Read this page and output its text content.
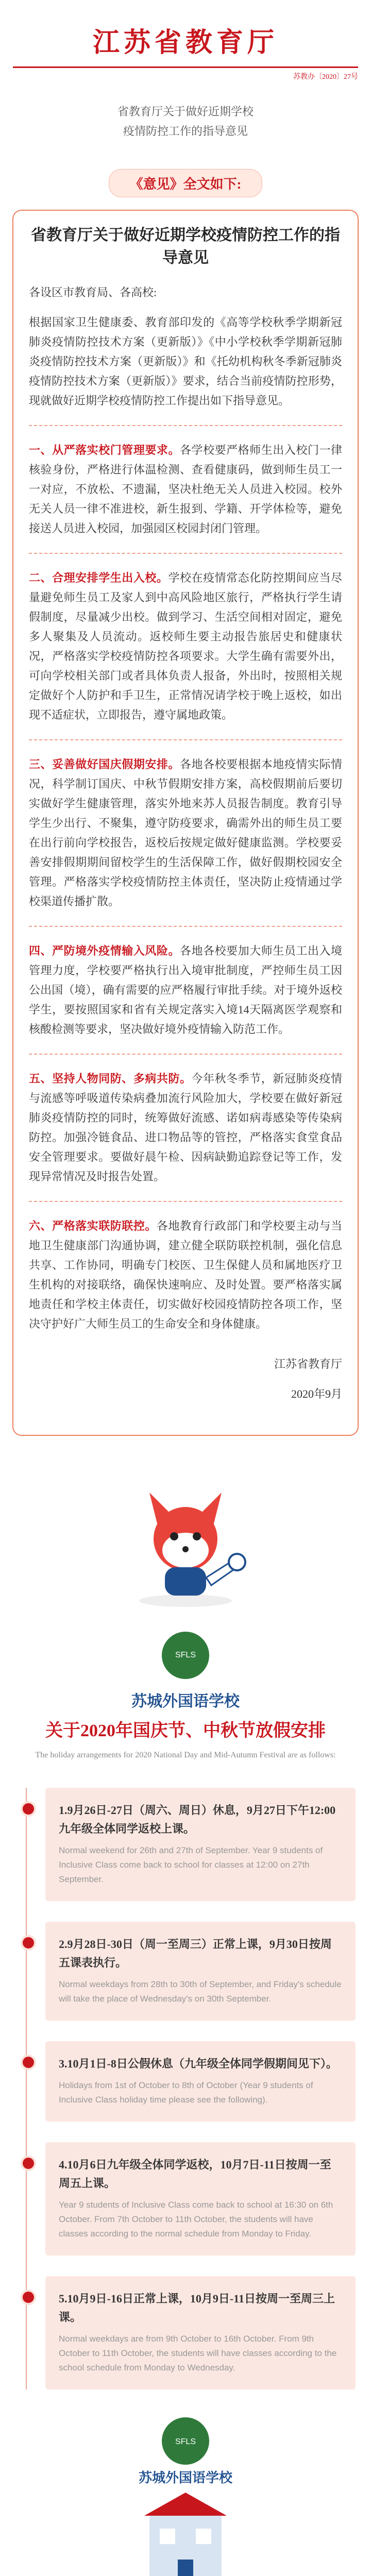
江苏省教育厅
苏教办〔2020〕27号
省教育厅关于做好近期学校
疫情防控工作的指导意见
《意见》全文如下:
省教育厅关于做好近期学校疫情防控工作的指导意见

各设区市教育局、各高校:

根据国家卫生健康委、教育部印发的《高等学校秋季学期新冠肺炎疫情防控技术方案（更新版）》《中小学校秋季学期新冠肺炎疫情防控技术方案（更新版）》和《托幼机构秋冬季新冠肺炎疫情防控技术方案（更新版）》要求，结合当前疫情防控形势，现就做好近期学校疫情防控工作提出如下指导意见。

一、从严落实校门管理要求。各学校要严格师生出入校门一律核验身份，严格进行体温检测、查看健康码，做到师生员工一一对应，不放松、不遗漏，坚决杜绝无关人员进入校园。校外无关人员一律不准进校，新生报到、学籍、开学体检等，避免接送人员进入校园，加强园区校园封闭门管理。

二、合理安排学生出入校。学校在疫情常态化防控期间应当尽量避免师生员工及家人到中高风险地区旅行，严格执行学生请假制度，尽量减少出校。做到学习、生活空间相对固定，避免多人聚集及人员流动。返校师生要主动报告旅居史和健康状况，严格落实学校疫情防控各项要求。大学生确有需要外出，可向学校相关部门或者具体负责人报备，外出时，按照相关规定做好个人防护和手卫生，正常情况请学校于晚上返校，如出现不适症状，立即报告，遵守属地政策。

三、妥善做好国庆假期安排。各地各校要根据本地疫情实际情况，科学制订国庆、中秋节假期安排方案，高校假期前后要切实做好学生健康管理，落实外地来苏人员报告制度。教育引导学生少出行、不聚集，遵守防疫要求，确需外出的师生员工要在出行前向学校报告，返校后按规定做好健康监测。学校要妥善安排假期期间留校学生的生活保障工作，做好假期校园安全管理。严格落实学校疫情防控主体责任，坚决防止疫情通过学校渠道传播扩散。

四、严防境外疫情输入风险。各地各校要加大师生员工出入境管理力度，学校要严格执行出入境审批制度，严控师生员工因公出国（境），确有需要的应严格履行审批手续。对于境外返校学生，要按照国家和省有关规定落实入境14天隔离医学观察和核酸检测等要求，坚决做好境外疫情输入防范工作。

五、坚持人物同防、多病共防。今年秋冬季节，新冠肺炎疫情与流感等呼吸道传染病叠加流行风险加大，学校要在做好新冠肺炎疫情防控的同时，统筹做好流感、诺如病毒感染等传染病防控。加强冷链食品、进口物品等的管控，严格落实食堂食品安全管理要求。要做好晨午检、因病缺勤追踪登记等工作，发现异常情况及时报告处置。

六、严格落实联防联控。各地教育行政部门和学校要主动与当地卫生健康部门沟通协调，建立健全联防联控机制，强化信息共享、工作协同，明确专门校医、卫生保健人员和属地医疗卫生机构的对接联络，确保快速响应、及时处置。要严格落实属地责任和学校主体责任，切实做好校园疫情防控各项工作，坚决守护好广大师生员工的生命安全和身体健康。

江苏省教育厅

2020年9月

SFLS
苏城外国语学校
关于2020年国庆节、中秋节放假安排
The holiday arrangements for 2020 National Day and Mid-Autumn Festival are as follows:
1.9月26日-27日（周六、周日）休息，9月27日下午12:00九年级全体同学返校上课。
Normal weekend for 26th and 27th of September. Year 9 students of Inclusive Class come back to school for classes at 12:00 on 27th September.
2.9月28日-30日（周一至周三）正常上课，9月30日按周五课表执行。
Normal weekdays from 28th to 30th of September, and Friday's schedule will take the place of Wednesday's on 30th September.
3.10月1日-8日公假休息（九年级全体同学假期间见下）。
Holidays from 1st of October to 8th of October (Year 9 students of Inclusive Class holiday time please see the following).
4.10月6日九年级全体同学返校，10月7日-11日按周一至周五上课。
Year 9 students of Inclusive Class come back to school at 16:30 on 6th October. From 7th October to 11th October, the students will have classes according to the normal schedule from Monday to Friday.
5.10月9日-16日正常上课，10月9日-11日按周一至周三上课。
Normal weekdays are from 9th October to 16th October. From 9th October to 11th October, the students will have classes according to the school schedule from Monday to Wednesday.
SFLS
苏城外国语学校
